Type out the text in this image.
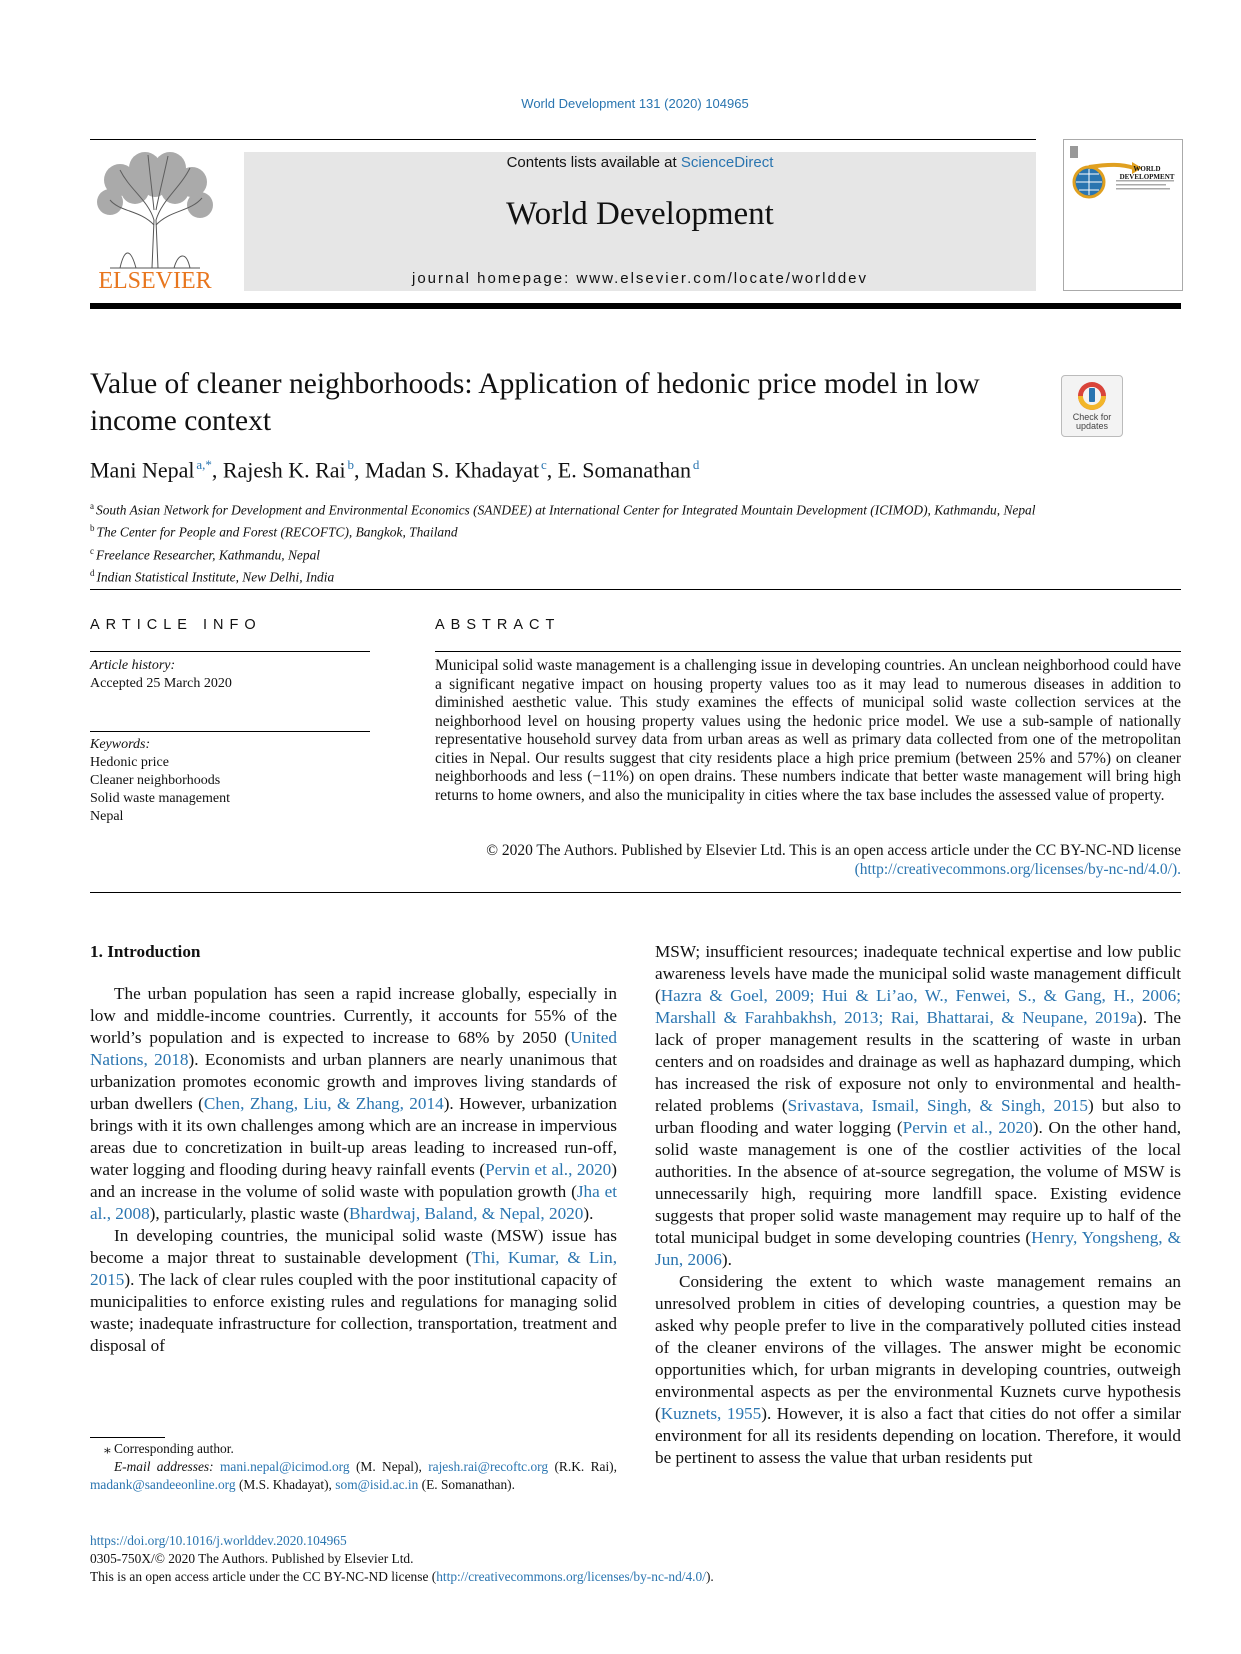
World Development 131 (2020) 104965
ELSEVIER
Contents lists available at ScienceDirect
World Development
journal homepage: www.elsevier.com/locate/worlddev
WORLD DEVELOPMENT
Value of cleaner neighborhoods: Application of hedonic price model in low income context	Check for
updates
Mani Nepal  $^{a,*}$, Rajesh K. Rai  $^b$, Madan S. Khadayat  $^c$, E. Somanathan  $^d$
$^a$ South Asian Network for Development and Environmental Economics (SANDEE) at International Center for Integrated Mountain Development (ICIMOD), Kathmandu, Nepal
$^b$ The Center for People and Forest (RECOFTC), Bangkok, Thailand
$^c$ Freelance Researcher, Kathmandu, Nepal
$^d$ Indian Statistical Institute, New Delhi, India
ARTICLE INFO	ABSTRACT
Article history:
Accepted 25 March 2020
Keywords:
Hedonic price
Cleaner neighborhoods
Solid waste management
Nepal
Municipal solid waste management is a challenging issue in developing countries. An unclean neighborhood could have a significant negative impact on housing property values too as it may lead to numerous diseases in addition to diminished aesthetic value. This study examines the effects of municipal solid waste collection services at the neighborhood level on housing property values using the hedonic price model. We use a sub-sample of nationally representative household survey data from urban areas as well as primary data collected from one of the metropolitan cities in Nepal. Our results suggest that city residents place a high price premium (between 25% and 57%) on cleaner neighborhoods and less (−11%) on open drains. These numbers indicate that better waste management will bring high returns to home owners, and also the municipality in cities where the tax base includes the assessed value of property.
© 2020 The Authors. Published by Elsevier Ltd. This is an open access article under the CC BY-NC-ND license
(http://creativecommons.org/licenses/by-nc-nd/4.0/).

1. Introduction

The urban population has seen a rapid increase globally, especially in low and middle-income countries. Currently, it accounts for 55% of the world’s population and is expected to increase to 68% by 2050 (United Nations, 2018). Economists and urban planners are nearly unanimous that urbanization promotes economic growth and improves living standards of urban dwellers (Chen, Zhang, Liu, & Zhang, 2014). However, urbanization brings with it its own challenges among which are an increase in impervious areas due to concretization in built-up areas leading to increased run-off, water logging and flooding during heavy rainfall events (Pervin et al., 2020) and an increase in the volume of solid waste with population growth (Jha et al., 2008), particularly, plastic waste (Bhardwaj, Baland, & Nepal, 2020).

In developing countries, the municipal solid waste (MSW) issue has become a major threat to sustainable development (Thi, Kumar, & Lin, 2015). The lack of clear rules coupled with the poor institutional capacity of municipalities to enforce existing rules and regulations for managing solid waste; inadequate infrastructure for collection, transportation, treatment and disposal of

MSW; insufficient resources; inadequate technical expertise and low public awareness levels have made the municipal solid waste management difficult (Hazra & Goel, 2009; Hui & Li’ao, W., Fenwei, S., & Gang, H., 2006; Marshall & Farahbakhsh, 2013; Rai, Bhattarai, & Neupane, 2019a). The lack of proper management results in the scattering of waste in urban centers and on roadsides and drainage as well as haphazard dumping, which has increased the risk of exposure not only to environmental and health-related problems (Srivastava, Ismail, Singh, & Singh, 2015) but also to urban flooding and water logging (Pervin et al., 2020). On the other hand, solid waste management is one of the costlier activities of the local authorities. In the absence of at-source segregation, the volume of MSW is unnecessarily high, requiring more landfill space. Existing evidence suggests that proper solid waste management may require up to half of the total municipal budget in some developing countries (Henry, Yongsheng, & Jun, 2006).

Considering the extent to which waste management remains an unresolved problem in cities of developing countries, a question may be asked why people prefer to live in the comparatively polluted cities instead of the cleaner environs of the villages. The answer might be economic opportunities which, for urban migrants in developing countries, outweigh environmental aspects as per the environmental Kuznets curve hypothesis (Kuznets, 1955). However, it is also a fact that cities do not offer a similar environment for all its residents depending on location. Therefore, it would be pertinent to assess the value that urban residents put

⁎ Corresponding author.
E-mail addresses: mani.nepal@icimod.org (M. Nepal), rajesh.rai@recoftc.org (R.K. Rai), madank@sandeeonline.org (M.S. Khadayat), som@isid.ac.in (E. Somanathan).
https://doi.org/10.1016/j.worlddev.2020.104965
0305-750X/© 2020 The Authors. Published by Elsevier Ltd.
This is an open access article under the CC BY-NC-ND license (http://creativecommons.org/licenses/by-nc-nd/4.0/).
